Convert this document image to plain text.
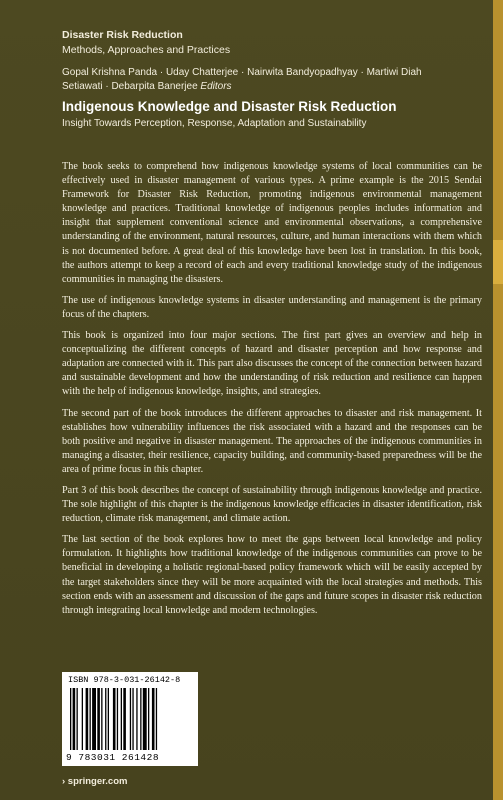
Disaster Risk Reduction
Methods, Approaches and Practices
Gopal Krishna Panda · Uday Chatterjee · Nairwita Bandyopadhyay · Martiwi Diah Setiawati · Debarpita Banerjee Editors
Indigenous Knowledge and Disaster Risk Reduction
Insight Towards Perception, Response, Adaptation and Sustainability

The book seeks to comprehend how indigenous knowledge systems of local communities can be effectively used in disaster management of various types. A prime example is the 2015 Sendai Framework for Disaster Risk Reduction, promoting indigenous environmental management knowledge and practices. Traditional knowledge of indigenous peoples includes information and insight that supplement conventional science and environmental observations, a comprehensive understanding of the environment, natural resources, culture, and human interactions with them which is not documented before. A great deal of this knowledge have been lost in translation. In this book, the authors attempt to keep a record of each and every traditional knowledge study of the indigenous communities in managing the disasters.

The use of indigenous knowledge systems in disaster understanding and management is the primary focus of the chapters.

This book is organized into four major sections. The first part gives an overview and help in conceptualizing the different concepts of hazard and disaster perception and how response and adaptation are connected with it. This part also discusses the concept of the connection between hazard and sustainable development and how the understanding of risk reduction and resilience can happen with the help of indigenous knowledge, insights, and strategies.

The second part of the book introduces the different approaches to disaster and risk management. It establishes how vulnerability influences the risk associated with a hazard and the responses can be both positive and negative in disaster management. The approaches of the indigenous communities in managing a disaster, their resilience, capacity building, and community-based preparedness will be the area of prime focus in this chapter.

Part 3 of this book describes the concept of sustainability through indigenous knowledge and practice. The sole highlight of this chapter is the indigenous knowledge efficacies in disaster identification, risk reduction, climate risk management, and climate action.

The last section of the book explores how to meet the gaps between local knowledge and policy formulation. It highlights how traditional knowledge of the indigenous communities can prove to be beneficial in developing a holistic regional-based policy framework which will be easily accepted by the target stakeholders since they will be more acquainted with the local strategies and methods. This section ends with an assessment and discussion of the gaps and future scopes in disaster risk reduction through integrating local knowledge and modern technologies.

ISBN 978-3-031-26142-8
9 783031 261428
› springer.com
